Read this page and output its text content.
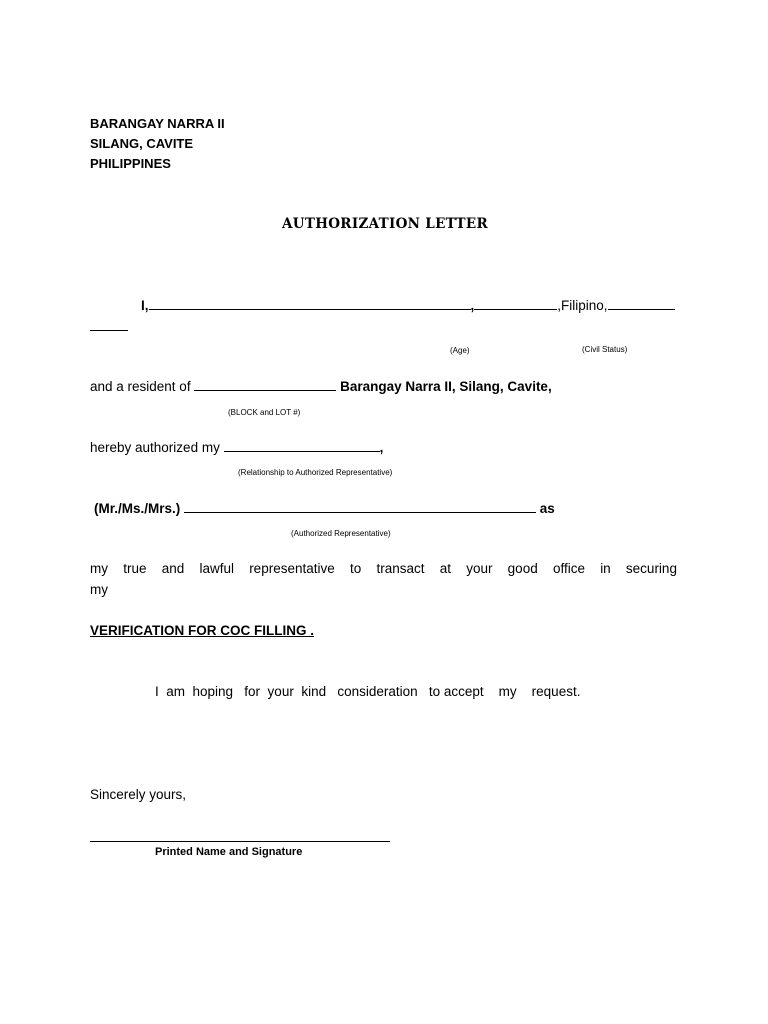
BARANGAY NARRA II
SILANG, CAVITE
PHILIPPINES
AUTHORIZATION LETTER
I,	,	,Filipino,
(Age)	(Civil Status)
and a resident of	Barangay Narra II, Silang, Cavite,
(BLOCK and LOT #)
hereby authorized my	,
(Relationship to Authorized Representative)
(Mr./Ms./Mrs.)	as
(Authorized Representative)
my true and lawful representative to transact at your good office in securing
my
VERIFICATION FOR COC FILLING .
I  am  hoping   for  your  kind   consideration   to accept    my    request.
Sincerely yours,
Printed Name and Signature
